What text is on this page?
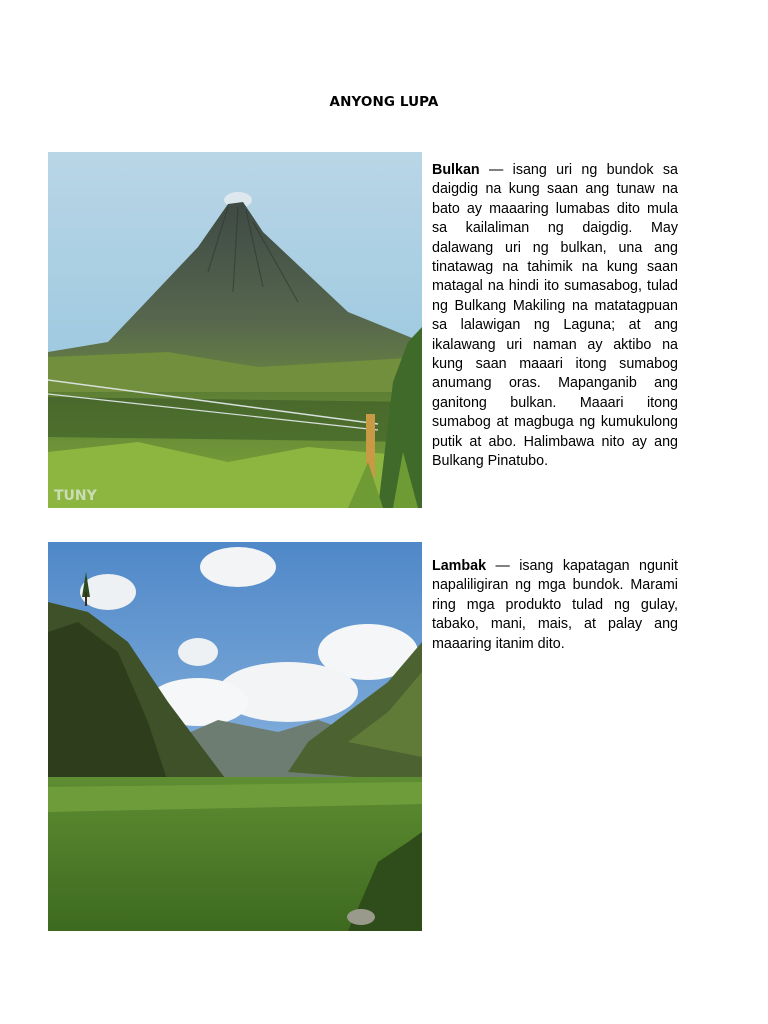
ANYONG LUPA
TUNY

Bulkan — isang uri ng bundok sa daigdig na kung saan ang tunaw na bato ay maaaring lumabas dito mula sa kailaliman ng daigdig. May dalawang uri ng bulkan, una ang tinatawag na tahimik na kung saan matagal na hindi ito sumasabog, tulad ng Bulkang Makiling na matatagpuan sa lalawigan ng Laguna; at ang ikalawang uri naman ay aktibo na kung saan maaari itong sumabog anumang oras. Mapanganib ang ganitong bulkan. Maaari itong sumabog at magbuga ng kumukulong putik at abo. Halimbawa nito ay ang Bulkang Pinatubo.

Lambak — isang kapatagan ngunit napaliligiran ng mga bundok. Marami ring mga produkto tulad ng gulay, tabako, mani, mais, at palay ang maaaring itanim dito.
